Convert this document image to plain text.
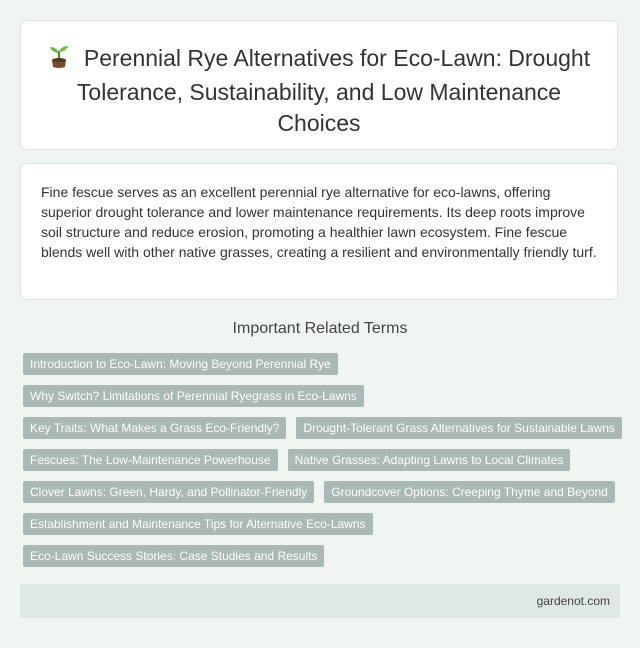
Perennial Rye Alternatives for Eco-Lawn: Drought Tolerance, Sustainability, and Low Maintenance Choices

Fine fescue serves as an excellent perennial rye alternative for eco-lawns, offering superior drought tolerance and lower maintenance requirements. Its deep roots improve soil structure and reduce erosion, promoting a healthier lawn ecosystem. Fine fescue blends well with other native grasses, creating a resilient and environmentally friendly turf.

Important Related Terms
Introduction to Eco-Lawn: Moving Beyond Perennial Rye
Why Switch? Limitations of Perennial Ryegrass in Eco-Lawns
Key Traits: What Makes a Grass Eco-Friendly?	Drought-Tolerant Grass Alternatives for Sustainable Lawns
Fescues: The Low-Maintenance Powerhouse	Native Grasses: Adapting Lawns to Local Climates
Clover Lawns: Green, Hardy, and Pollinator-Friendly	Groundcover Options: Creeping Thyme and Beyond
Establishment and Maintenance Tips for Alternative Eco-Lawns
Eco-Lawn Success Stories: Case Studies and Results
gardenot.com
